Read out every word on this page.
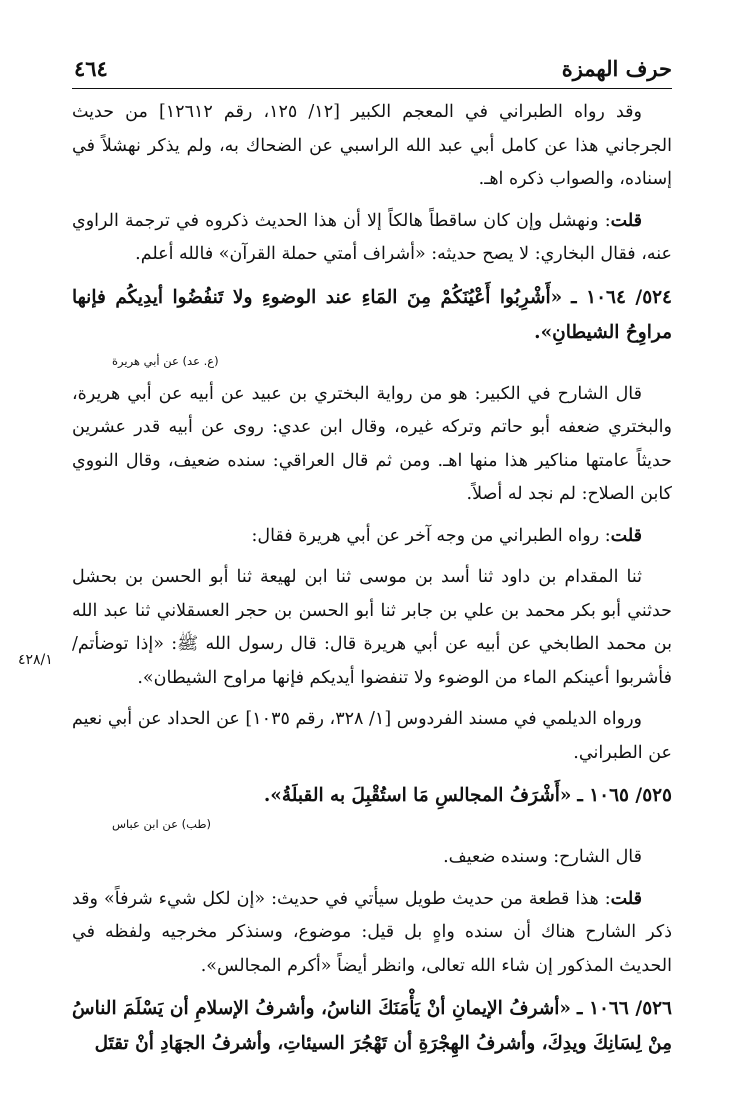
حرف الهمزة
٤٦٤
٤٢٨/١

وقد رواه الطبراني في المعجم الكبير [١٢/ ١٢٥، رقم ١٢٦١٢] من حديث الجرجاني هذا عن كامل أبي عبد الله الراسبي عن الضحاك به، ولم يذكر نهشلاً في إسناده، والصواب ذكره اهـ.

قلت: ونهشل وإن كان ساقطاً هالكاً إلا أن هذا الحديث ذكروه في ترجمة الراوي عنه، فقال البخاري: لا يصح حديثه: «أشراف أمتي حملة القرآن» فالله أعلم.

٥٢٤/ ١٠٦٤ ـ «أَشْرِبُوا أَعْيُنَكُمْ مِنَ المَاءِ عند الوضوءِ ولا تَنفُضُوا أيدِيكُم فإنها مراوِحُ الشيطانِ».

(ع. عد) عن أبي هريرة

قال الشارح في الكبير: هو من رواية البختري بن عبيد عن أبيه عن أبي هريرة، والبختري ضعفه أبو حاتم وتركه غيره، وقال ابن عدي: روى عن أبيه قدر عشرين حديثاً عامتها مناكير هذا منها اهـ. ومن ثم قال العراقي: سنده ضعيف، وقال النووي كابن الصلاح: لم نجد له أصلاً.

قلت: رواه الطبراني من وجه آخر عن أبي هريرة فقال:

ثنا المقدام بن داود ثنا أسد بن موسى ثنا ابن لهيعة ثنا أبو الحسن بن بحشل حدثني أبو بكر محمد بن علي بن جابر ثنا أبو الحسن بن حجر العسقلاني ثنا عبد الله بن محمد الطابخي عن أبيه عن أبي هريرة قال: قال رسول الله ﷺ: «إذا توضأتم/ فأشربوا أعينكم الماء من الوضوء ولا تنفضوا أيديكم فإنها مراوح الشيطان».

ورواه الديلمي في مسند الفردوس [١/ ٣٢٨، رقم ١٠٣٥] عن الحداد عن أبي نعيم عن الطبراني.

٥٢٥/ ١٠٦٥ ـ «أَشْرَفُ المجالسِ مَا استُقْبِلَ به القبلَةُ».

(طب) عن ابن عباس

قال الشارح: وسنده ضعيف.

قلت: هذا قطعة من حديث طويل سيأتي في حديث: «إن لكل شيء شرفاً» وقد ذكر الشارح هناك أن سنده واهٍ بل قيل: موضوع، وسنذكر مخرجيه ولفظه في الحديث المذكور إن شاء الله تعالى، وانظر أيضاً «أكرم المجالس».

٥٢٦/ ١٠٦٦ ـ «أشرفُ الإيمانِ أنْ يَأْمَنَكَ الناسُ، وأشرفُ الإسلامِ أن يَسْلَمَ الناسُ مِنْ لِسَانِكَ ويدِكَ، وأشرفُ الهِجْرَةِ أن تَهْجُرَ السيئاتِ، وأشرفُ الجهَادِ أنْ تقتَل
